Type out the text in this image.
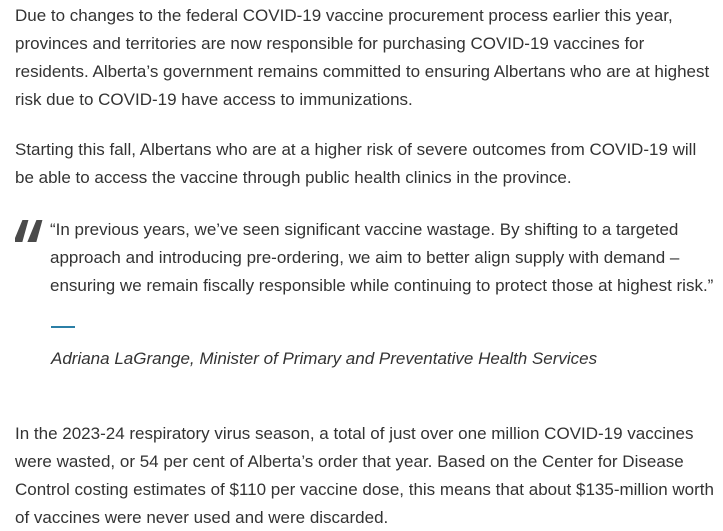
Due to changes to the federal COVID-19 vaccine procurement process earlier this year, provinces and territories are now responsible for purchasing COVID-19 vaccines for residents. Alberta’s government remains committed to ensuring Albertans who are at highest risk due to COVID-19 have access to immunizations.

Starting this fall, Albertans who are at a higher risk of severe outcomes from COVID-19 will be able to access the vaccine through public health clinics in the province.

“In previous years, we’ve seen significant vaccine wastage. By shifting to a targeted approach and introducing pre-ordering, we aim to better align supply with demand – ensuring we remain fiscally responsible while continuing to protect those at highest risk.”

Adriana LaGrange, Minister of Primary and Preventative Health Services

In the 2023-24 respiratory virus season, a total of just over one million COVID-19 vaccines were wasted, or 54 per cent of Alberta’s order that year. Based on the Center for Disease Control costing estimates of $110 per vaccine dose, this means that about $135-million worth of vaccines were never used and were discarded.
